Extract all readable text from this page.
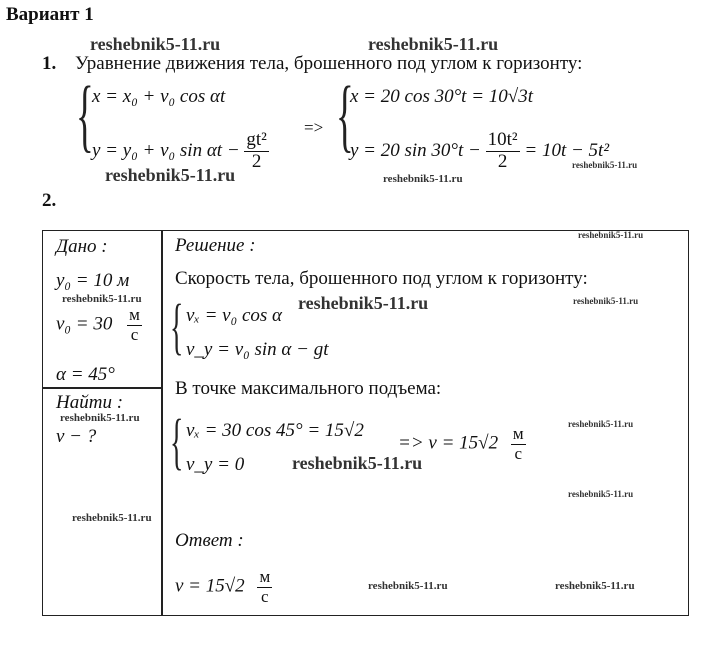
Вариант 1
reshebnik5-11.ru	reshebnik5-11.ru
reshebnik5-11.ru	reshebnik5-11.ru
reshebnik5-11.ru
reshebnik5-11.ru
reshebnik5-11.ru	reshebnik5-11.ru	reshebnik5-11.ru
reshebnik5-11.ru	reshebnik5-11.ru
reshebnik5-11.ru
reshebnik5-11.ru
reshebnik5-11.ru
reshebnik5-11.ru	reshebnik5-11.ru
1. Уравнение движения тела, брошенного под углом к горизонту:
{
x = x₀ + v₀ cos αt
y = y₀ + v₀ $\sin \alpha t - \frac{\text{gt²}}{2}$
=> {
x = 20 cos 30°t = 10√3t
y = 20 $\sin 30^\circ t - \frac{\text{10t²}}{2} = 10t - 5t^2$
2.
Дано :
y₀ = 10 м
$v_0 = 30 \frac{м}{с}$
α = 45°
Найти :
v − ?
Решение :
Скорость тела, брошенного под углом к горизонту:
{ vₓ = v₀ cos α
v_y = v₀ sin α − gt
В точке максимального подъема:
{ vₓ = 30 cos 45° = 15√2
v_y = 0
=> $v = 15√2 \frac{м}{с}$
Ответ :
$v = 15√2 \frac{м}{с}$
